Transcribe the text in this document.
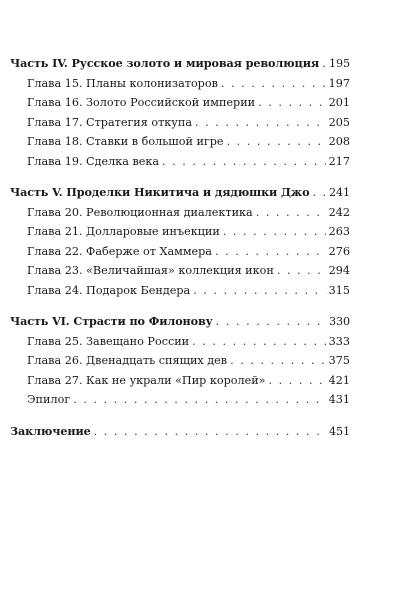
Часть IV. Русское золото и мировая революция . . . 195
Глава 15. Планы колонизаторов . . .	197
Глава 16. Золото Российской империи . . .	201
Глава 17. Стратегия откупа . . .	205
Глава 18. Ставки в большой игре . . .	208
Глава 19. Сделка века . . .	217
Часть V. Проделки Никитича и дядюшки Джо . . . 241
Глава 20. Революционная диалектика . . .	242
Глава 21. Долларовые инъекции . . .	263
Глава 22. Фаберже от Хаммера . . .	276
Глава 23. «Величайшая» коллекция икон . . .	294
Глава 24. Подарок Бендера . . .	315
Часть VI. Страсти по Филонову . . .	330
Глава 25. Завещано России . . .	333
Глава 26. Двенадцать спящих дев . . .	375
Глава 27. Как не украли «Пир королей» . . .	421
Эпилог . . .	431
Заключение . . .	451
